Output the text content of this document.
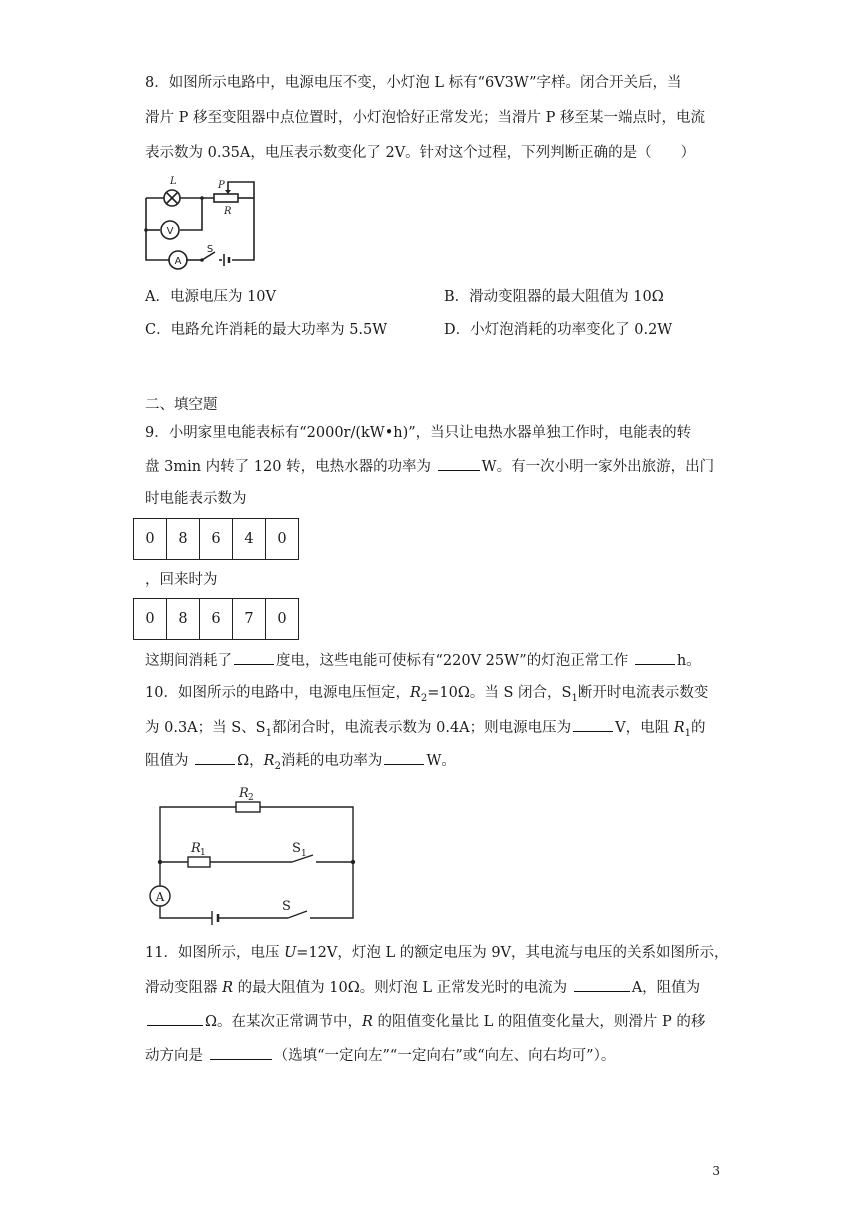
8．如图所示电路中，电源电压不变，小灯泡 L 标有“6V3W”字样。闭合开关后，当
滑片 P 移至变阻器中点位置时，小灯泡恰好正常发光；当滑片 P 移至某一端点时，电流
表示数为 0.35A，电压表示数变化了 2V。针对这个过程，下列判断正确的是（　　）
L	P
R
V
A
S
A．电源电压为 10V	B．滑动变阻器的最大阻值为 10Ω
C．电路允许消耗的最大功率为 5.5W	D．小灯泡消耗的功率变化了 0.2W
二、填空题
9．小明家里电能表标有“2000r/(kW•h)”，当只让电热水器单独工作时，电能表的转
盘 3min 内转了 120 转，电热水器的功率为	W。有一次小明一家外出旅游，出门
时电能表示数为
0	8	6	4	0
，回来时为
0	8	6	7	0
这期间消耗了	度电，这些电能可使标有“220V 25W”的灯泡正常工作	h。
10．如图所示的电路中，电源电压恒定，$R_2=10\Omega$。当 S 闭合，$S_1$断开时电流表示数变
为 0.3A；当 S、$S_1$都闭合时，电流表示数为 0.4A；则电源电压为	V，电阻 $R_1$的
阻值为	Ω，$R_2$消耗的电功率为	W。
R 2
R 1	S 1
S
A
11．如图所示，电压 U=12V，灯泡 L 的额定电压为 9V，其电流与电压的关系如图所示，
滑动变阻器 R 的最大阻值为 10Ω。则灯泡 L 正常发光时的电流为	A，阻值为
Ω。在某次正常调节中，R 的阻值变化量比 L 的阻值变化量大，则滑片 P 的移
动方向是	（选填“一定向左”“一定向右”或“向左、向右均可”）。
3
